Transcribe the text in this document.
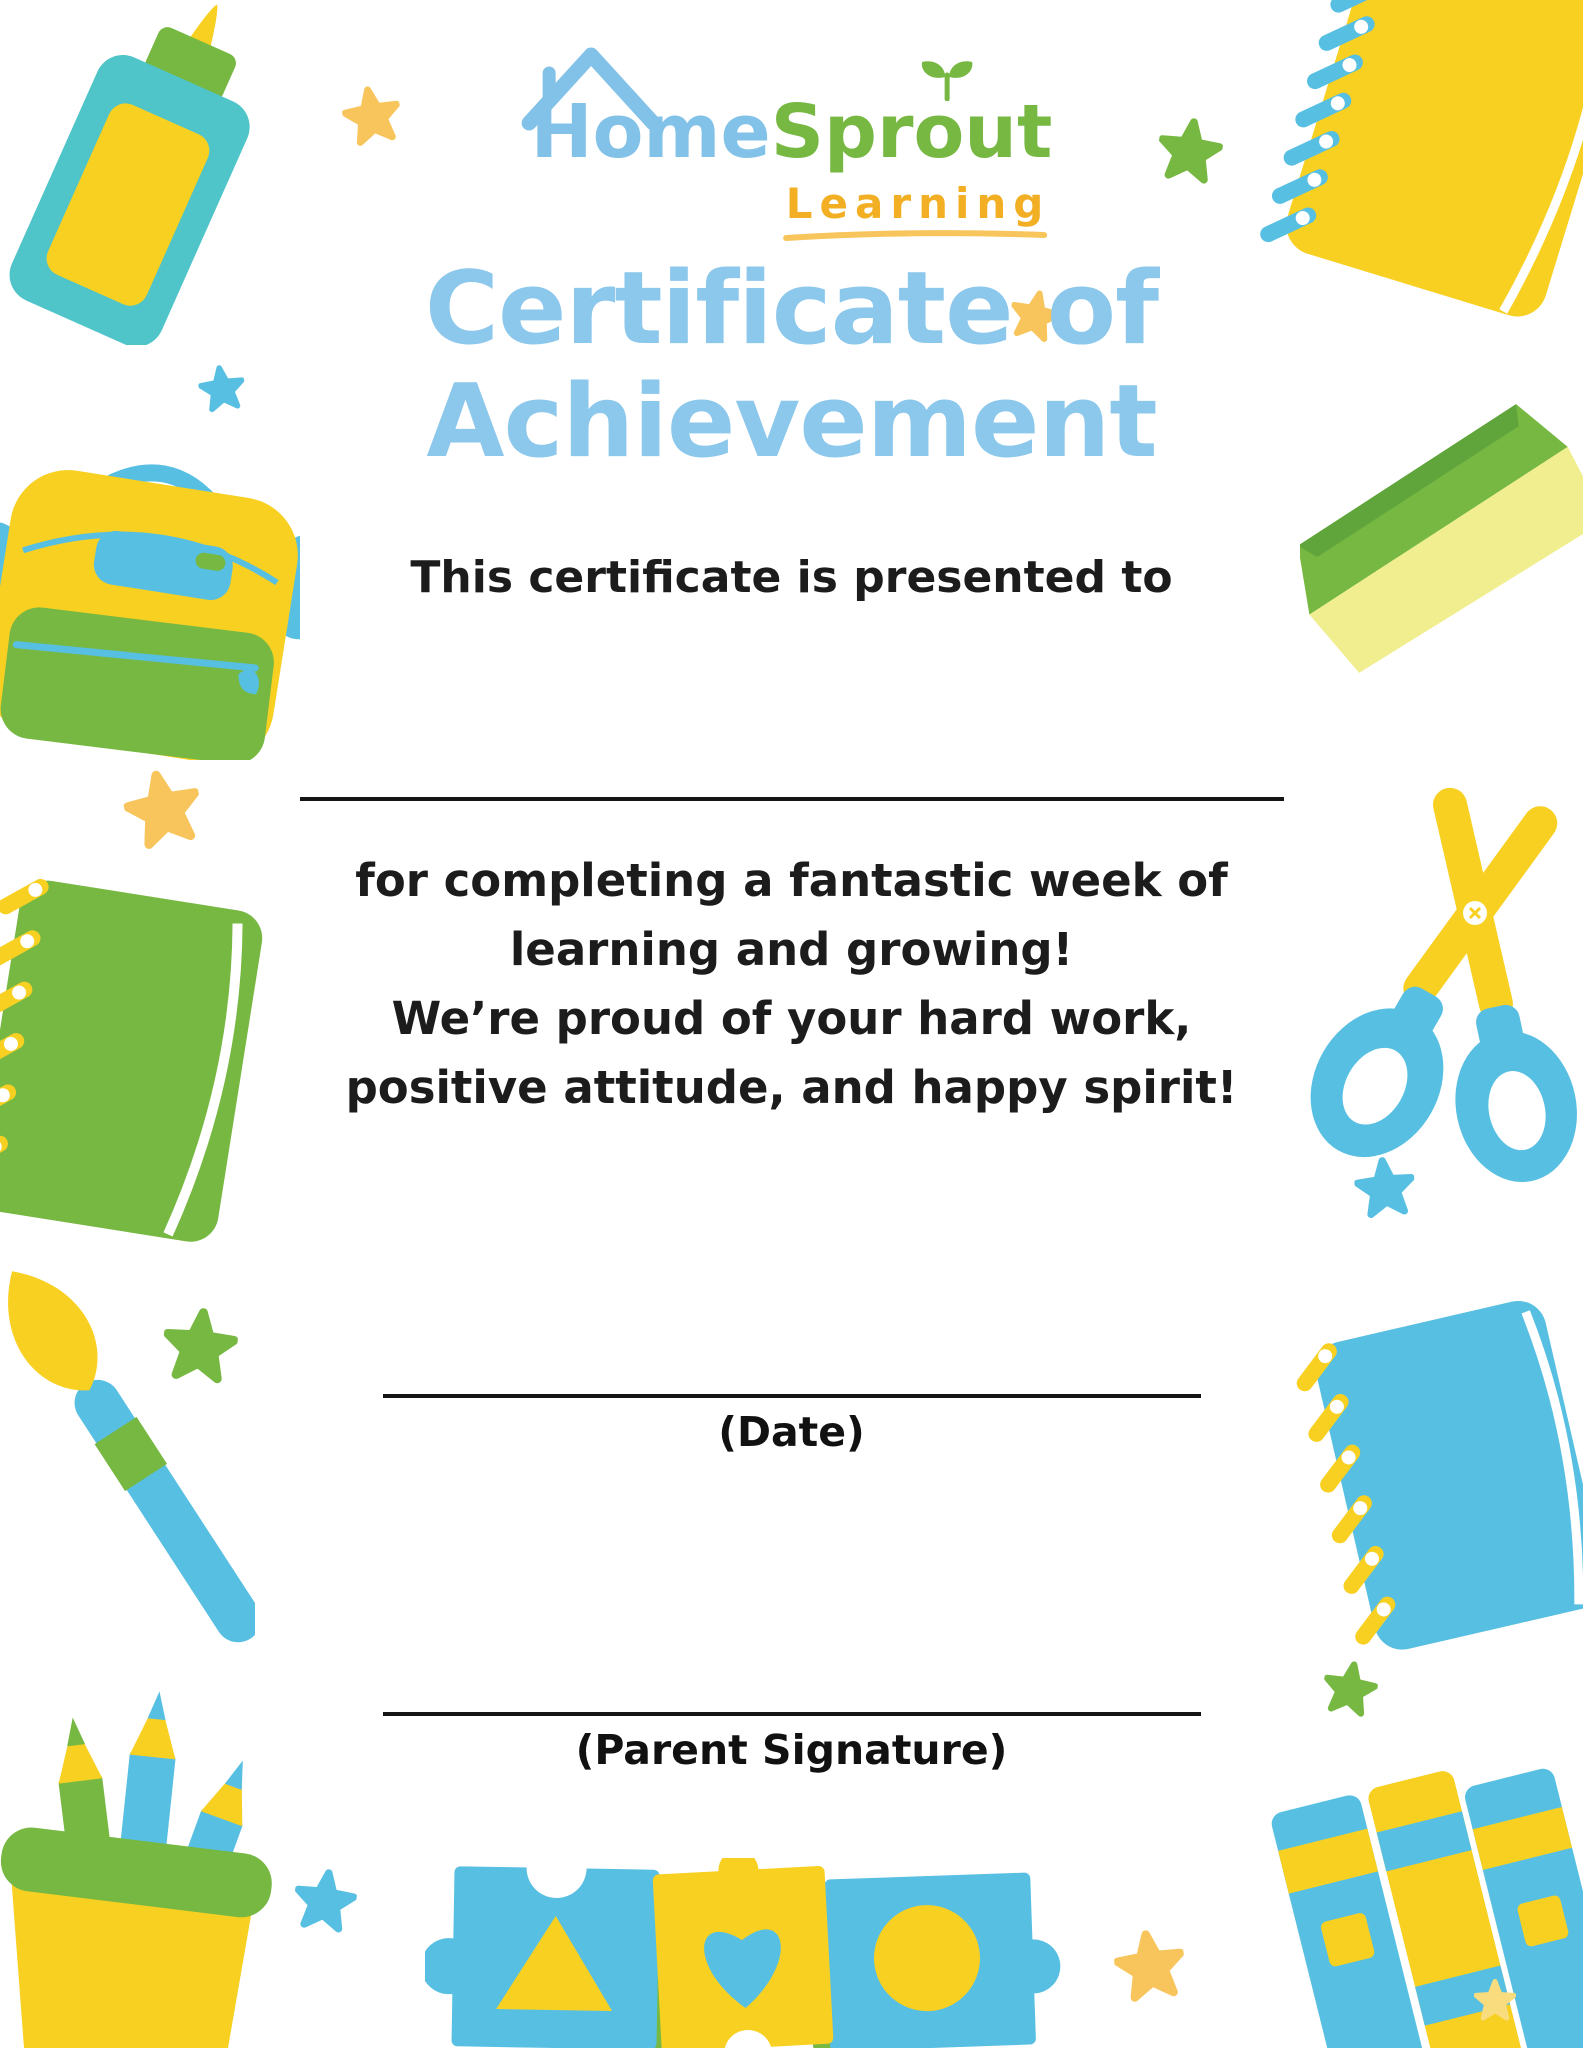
HomeSprout
Learning
Certificate of
Achievement
This certificate is presented to
for completing a fantastic week of
learning and growing!
We’re proud of your hard work,
positive attitude, and happy spirit!
(Date)
(Parent Signature)
